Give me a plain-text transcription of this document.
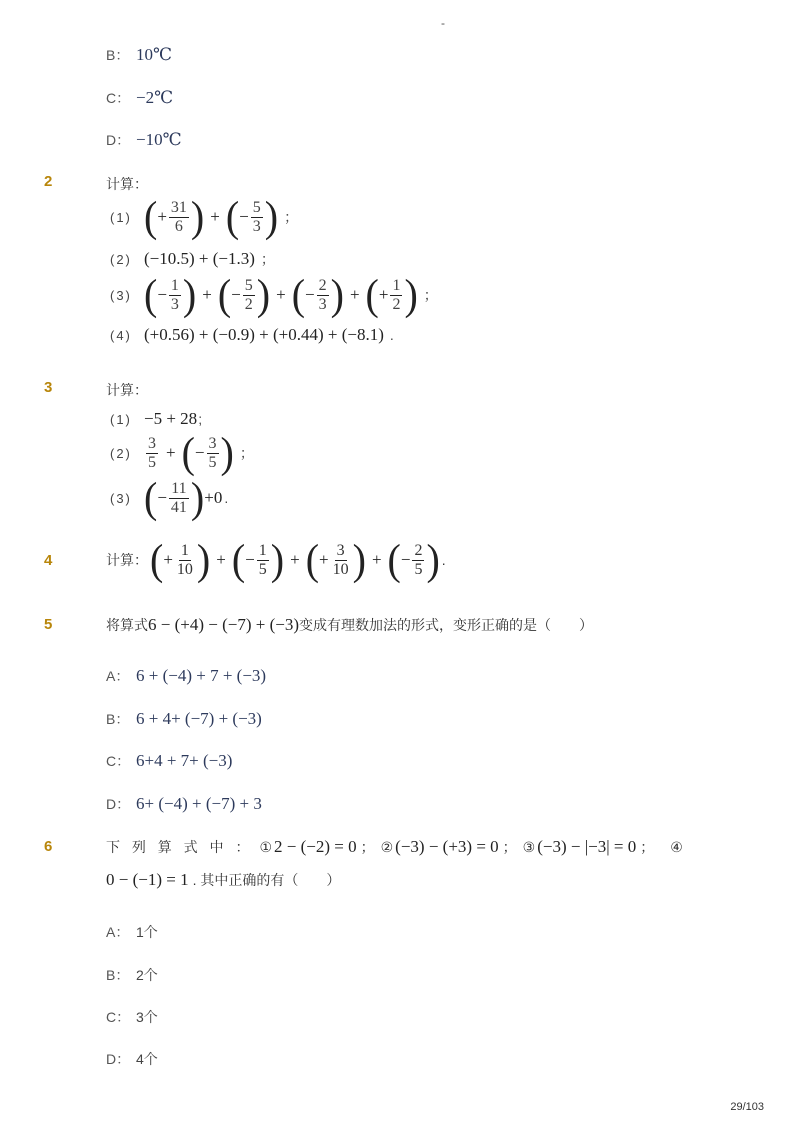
-
B： 10℃
C： −2℃
D： −10℃
2	计算：
(1) ( + $\frac{31}{6}$ ) + ( − $\frac{5}{3}$ ) ；
(2) (−10.5) + (−1.3) ；
(3) ( − $\frac{1}{3}$ ) + ( − $\frac{5}{2}$ ) + ( − $\frac{2}{3}$ ) + ( + $\frac{1}{2}$ ) ；
(4) (+0.56) + (−0.9) + (+0.44) + (−8.1) .
3	计算：
(1) −5 + 28 ;
$(2) \frac{3}{5}$ + ( − $\frac{3}{5}$ ) ；
(3) ( − $\frac{11}{41}$ ) +0 .
4	计算： ( + $\frac{1}{10}$ ) + ( − $\frac{1}{5}$ ) + ( + $\frac{3}{10}$ ) + ( − $\frac{2}{5}$ ) .
5	将算式 6 − (+4) − (−7) + (−3) 变成有理数加法的形式，变形正确的是（　　）
A： 6 + (−4) + 7 + (−3)
B： 6 + 4+ (−7) + (−3)
C： 6+4 + 7+ (−3)
D： 6+ (−4) + (−7) + 3
6	下 列 算 式 中 ： ① 2 − (−2) = 0 ； ② (−3) − (+3) = 0 ； ③ (−3) − |−3| = 0 ； ④
0 − (−1) = 1 . 其中正确的有（　　）
A： 1个
B： 2个
C： 3个
D： 4个
29/103
